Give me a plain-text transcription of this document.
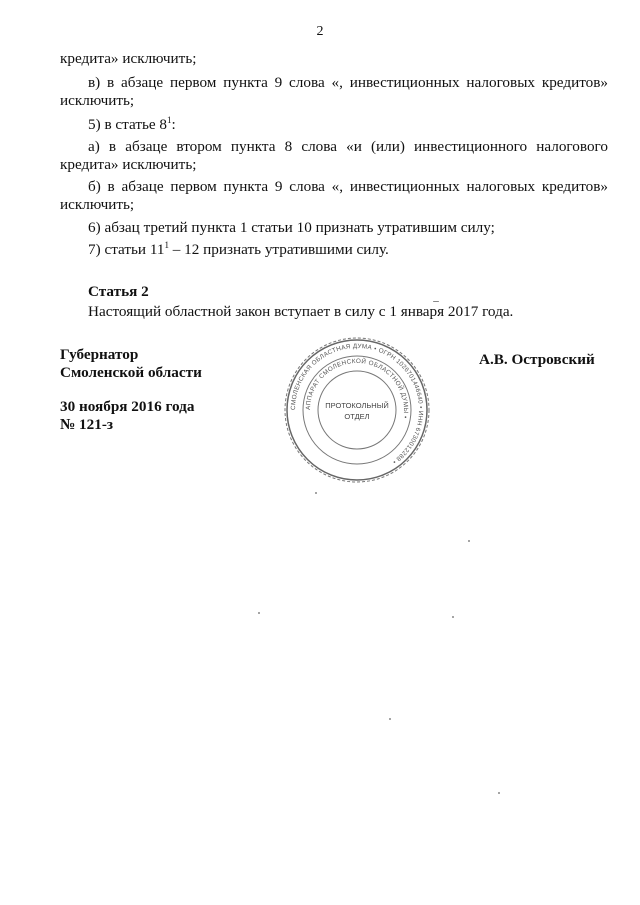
2
кредита» исключить;
в) в абзаце первом пункта 9 слова «, инвестиционных налоговых кредитов»
исключить;
5) в статье $8^1$:
а) в абзаце втором пункта 8 слова «и (или) инвестиционного налогового
кредита» исключить;
б) в абзаце первом пункта 9 слова «, инвестиционных налоговых кредитов»
исключить;
6) абзац третий пункта 1 статьи 10 признать утратившим силу;
7) статьи $11^1 - 12$ признать утратившими силу.
Статья 2
Настоящий областной закон вступает в силу с 1 января 2017 года.
Губернатор
Смоленской области
30 ноября 2016 года
№ 121-з
А.В. Островский
СМОЛЕНСКАЯ ОБЛАСТНАЯ ДУМА • ОГРН 1026701446640 • ИНН 6730012288 •
АППАРАТ СМОЛЕНСКОЙ ОБЛАСТНОЙ ДУМЫ •
ПРОТОКОЛЬНЫЙ
ОТДЕЛ
